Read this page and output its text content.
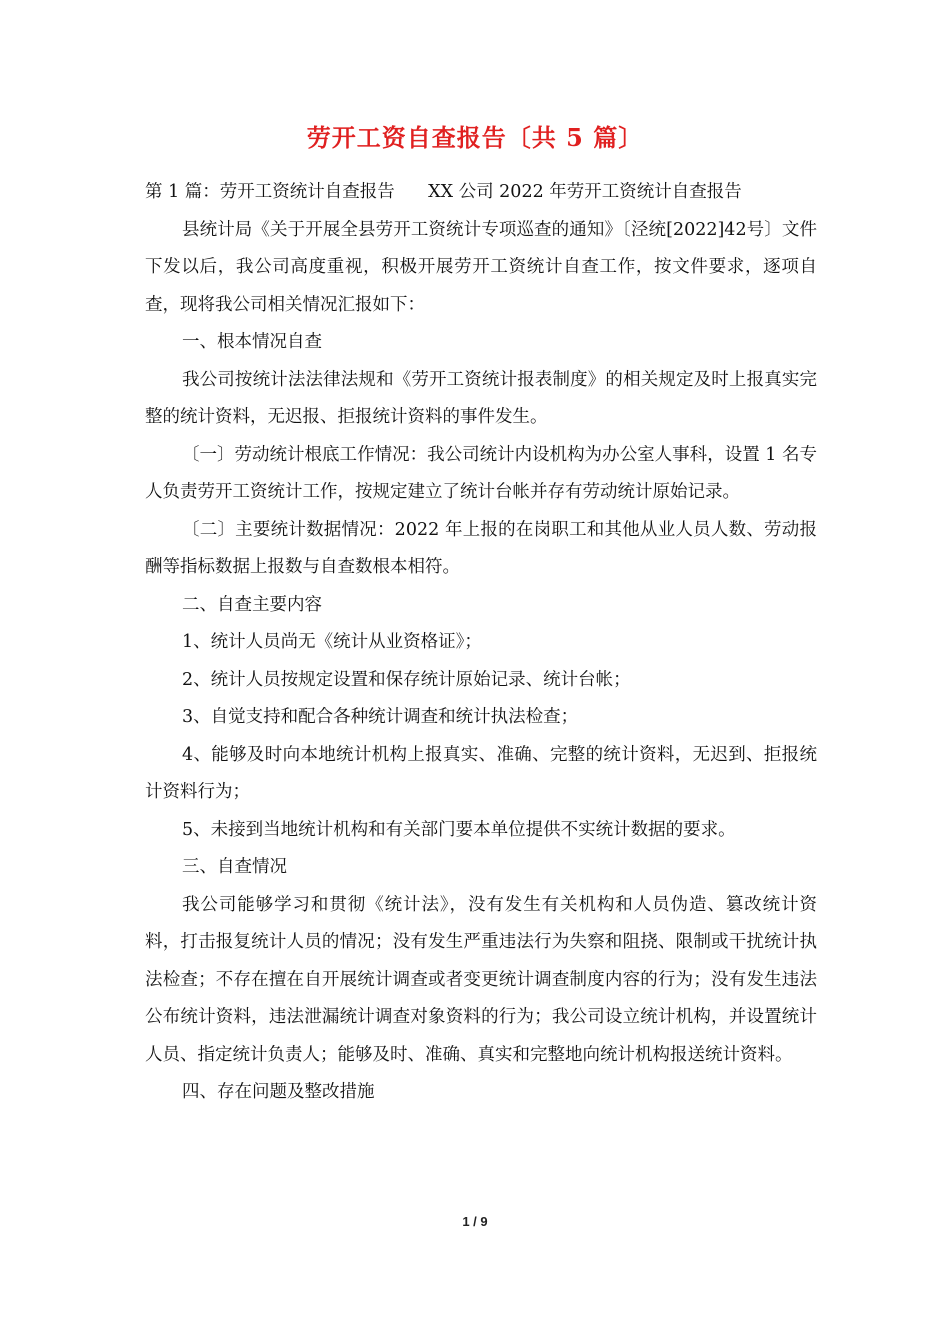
劳开工资自查报告〔共 5 篇〕

第 1 篇：劳开工资统计自查报告      XX 公司 2022 年劳开工资统计自查报告

县统计局《关于开展全县劳开工资统计专项巡查的通知》〔泾统[2022]42号〕文件下发以后，我公司高度重视，积极开展劳开工资统计自查工作，按文件要求，逐项自查，现将我公司相关情况汇报如下：

一、根本情况自查

我公司按统计法法律法规和《劳开工资统计报表制度》的相关规定及时上报真实完整的统计资料，无迟报、拒报统计资料的事件发生。

〔一〕劳动统计根底工作情况：我公司统计内设机构为办公室人事科，设置 1 名专人负责劳开工资统计工作，按规定建立了统计台帐并存有劳动统计原始记录。

〔二〕主要统计数据情况：2022 年上报的在岗职工和其他从业人员人数、劳动报酬等指标数据上报数与自查数根本相符。

二、自查主要内容

1、统计人员尚无《统计从业资格证》；

2、统计人员按规定设置和保存统计原始记录、统计台帐；

3、自觉支持和配合各种统计调查和统计执法检查；

4、能够及时向本地统计机构上报真实、准确、完整的统计资料，无迟到、拒报统计资料行为；

5、未接到当地统计机构和有关部门要本单位提供不实统计数据的要求。

三、自查情况

我公司能够学习和贯彻《统计法》，没有发生有关机构和人员伪造、篡改统计资料，打击报复统计人员的情况；没有发生严重违法行为失察和阻挠、限制或干扰统计执法检查；不存在擅在自开展统计调查或者变更统计调查制度内容的行为；没有发生违法公布统计资料，违法泄漏统计调查对象资料的行为；我公司设立统计机构，并设置统计人员、指定统计负责人；能够及时、准确、真实和完整地向统计机构报送统计资料。

四、存在问题及整改措施

1 / 9
